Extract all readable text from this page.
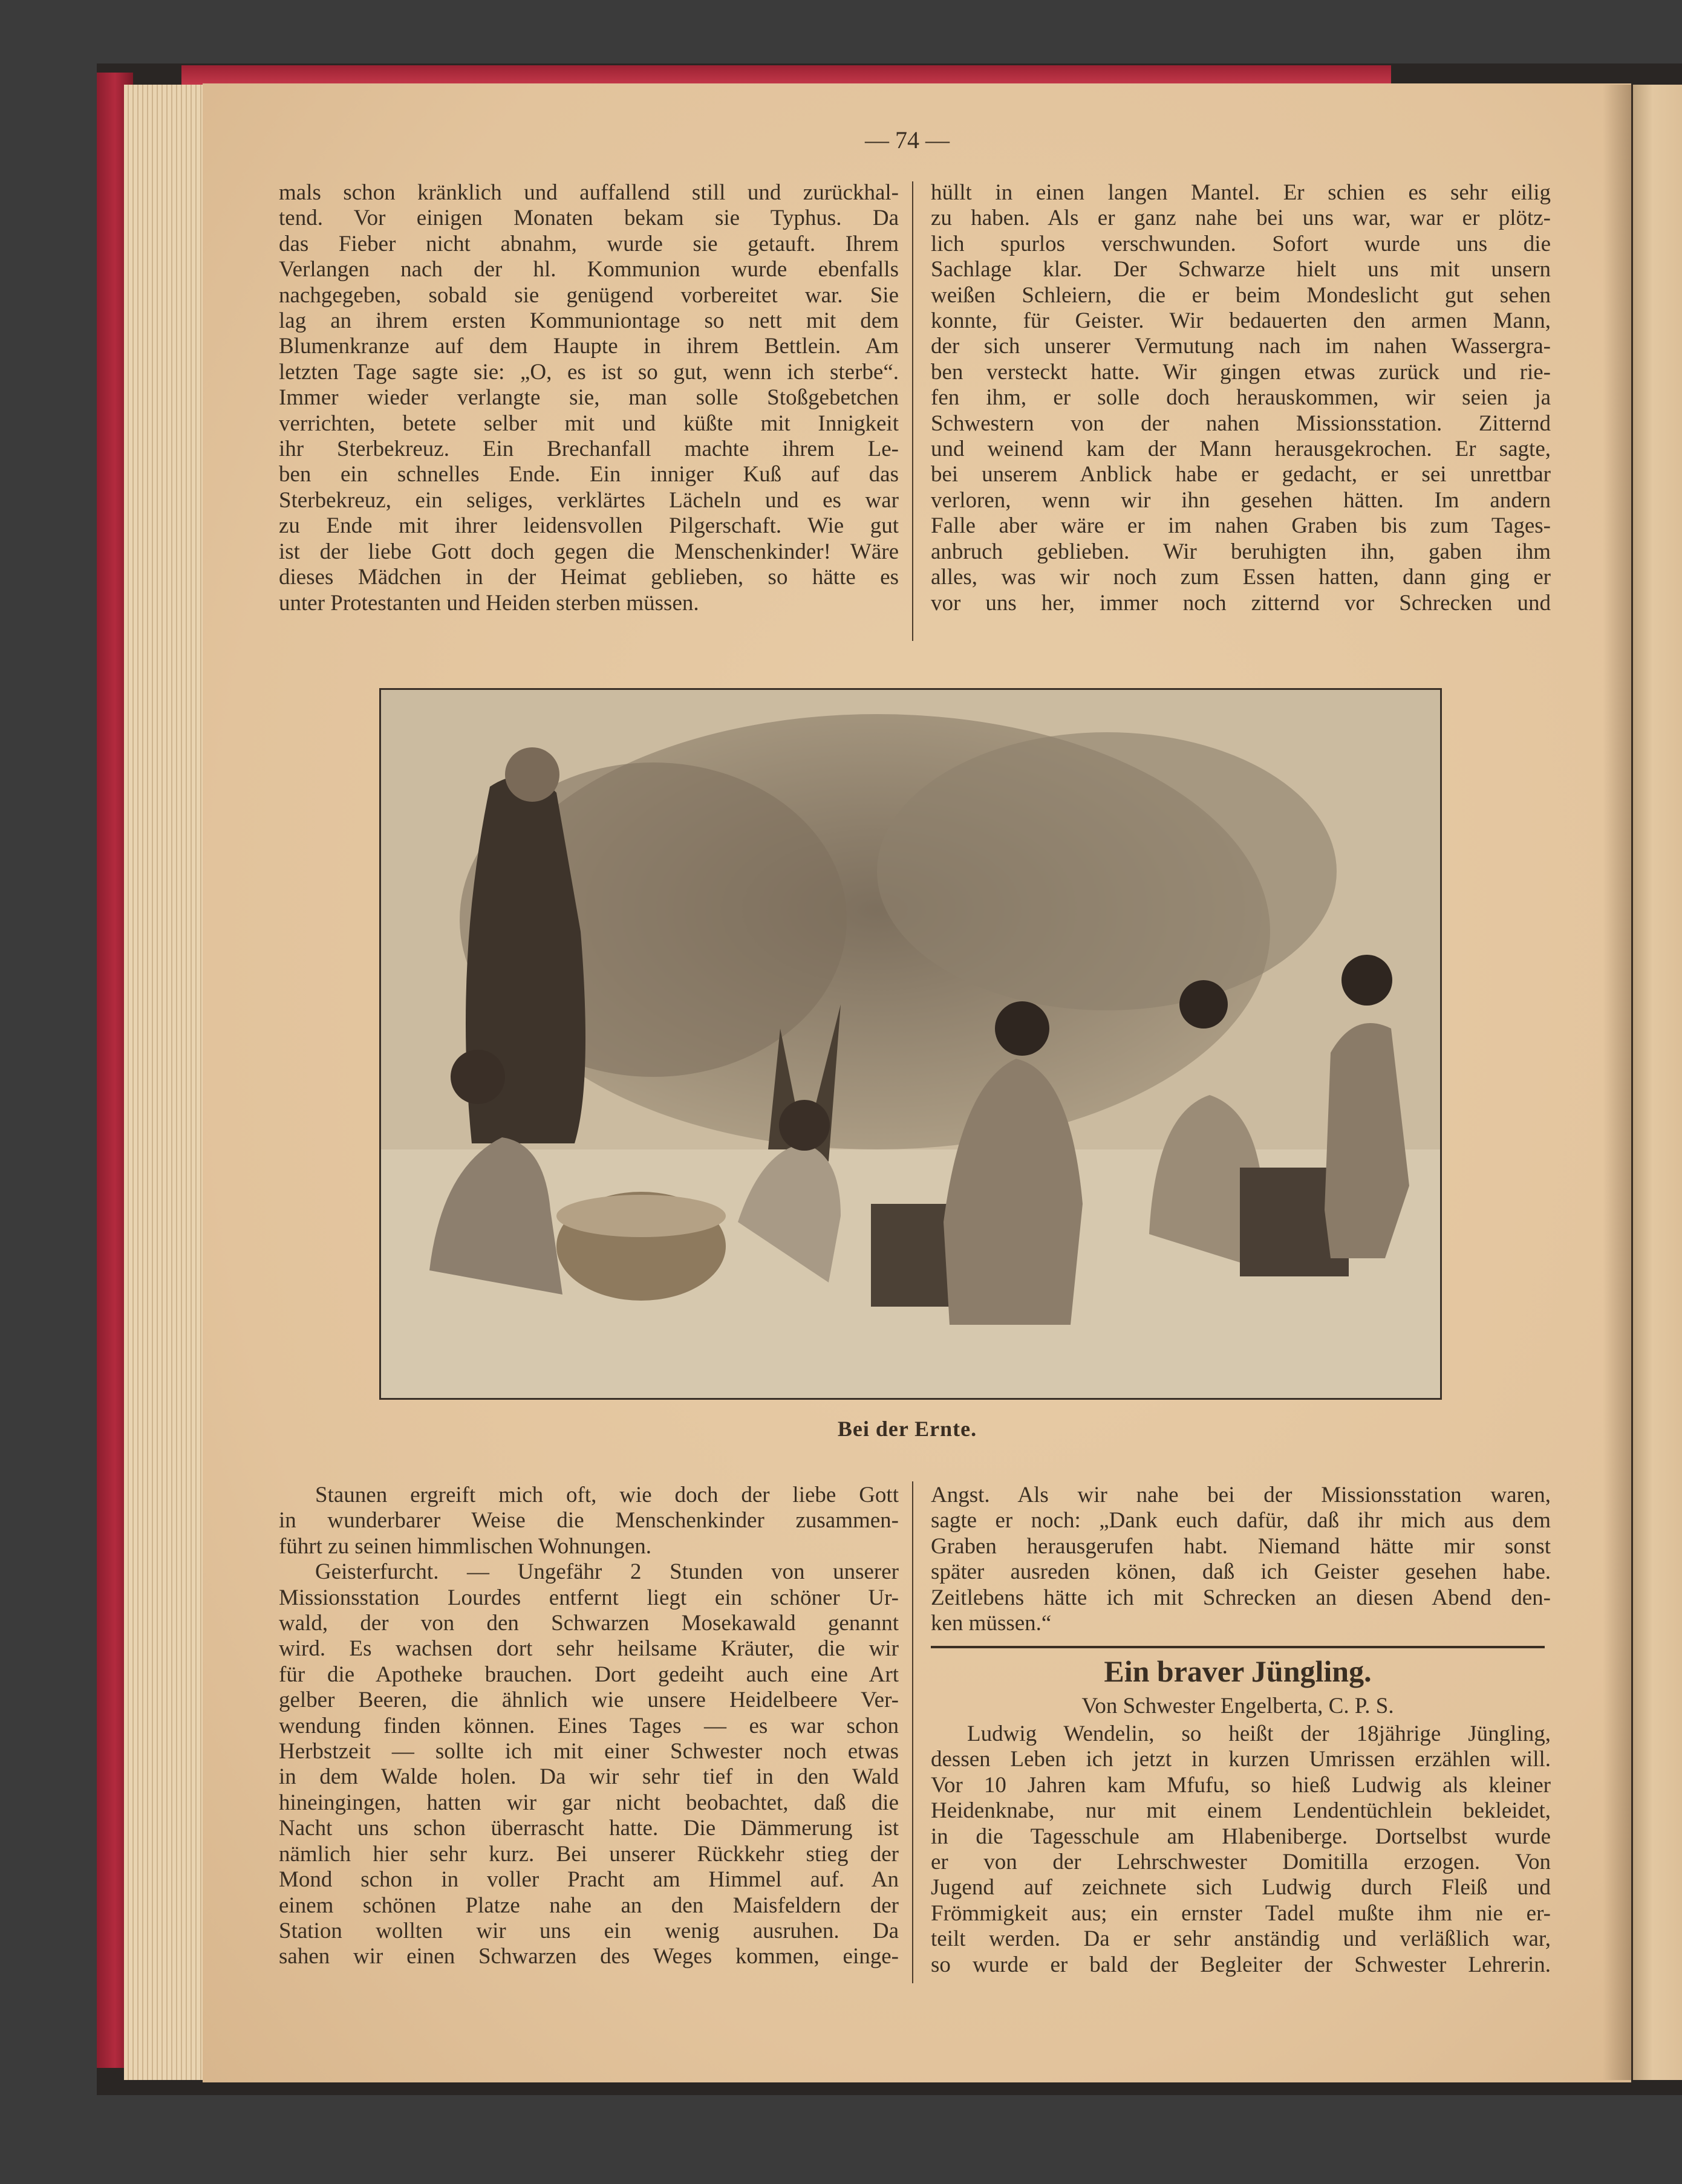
— 74 —
mals schon kränklich und auffallend still und zurückhal-
tend. Vor einigen Monaten bekam sie Typhus. Da
das Fieber nicht abnahm, wurde sie getauft. Ihrem
Verlangen nach der hl. Kommunion wurde ebenfalls
nachgegeben, sobald sie genügend vorbereitet war. Sie
lag an ihrem ersten Kommuniontage so nett mit dem
Blumenkranze auf dem Haupte in ihrem Bettlein. Am
letzten Tage sagte sie: „O, es ist so gut, wenn ich sterbe“.
Immer wieder verlangte sie, man solle Stoßgebetchen
verrichten, betete selber mit und küßte mit Innigkeit
ihr Sterbekreuz. Ein Brechanfall machte ihrem Le-
ben ein schnelles Ende. Ein inniger Kuß auf das
Sterbekreuz, ein seliges, verklärtes Lächeln und es war
zu Ende mit ihrer leidensvollen Pilgerschaft. Wie gut
ist der liebe Gott doch gegen die Menschenkinder! Wäre
dieses Mädchen in der Heimat geblieben, so hätte es
unter Protestanten und Heiden sterben müssen.
hüllt in einen langen Mantel. Er schien es sehr eilig
zu haben. Als er ganz nahe bei uns war, war er plötz-
lich spurlos verschwunden. Sofort wurde uns die
Sachlage klar. Der Schwarze hielt uns mit unsern
weißen Schleiern, die er beim Mondeslicht gut sehen
konnte, für Geister. Wir bedauerten den armen Mann,
der sich unserer Vermutung nach im nahen Wassergra-
ben versteckt hatte. Wir gingen etwas zurück und rie-
fen ihm, er solle doch herauskommen, wir seien ja
Schwestern von der nahen Missionsstation. Zitternd
und weinend kam der Mann herausgekrochen. Er sagte,
bei unserem Anblick habe er gedacht, er sei unrettbar
verloren, wenn wir ihn gesehen hätten. Im andern
Falle aber wäre er im nahen Graben bis zum Tages-
anbruch geblieben. Wir beruhigten ihn, gaben ihm
alles, was wir noch zum Essen hatten, dann ging er
vor uns her, immer noch zitternd vor Schrecken und
Bei der Ernte.
Staunen ergreift mich oft, wie doch der liebe Gott
in wunderbarer Weise die Menschenkinder zusammen-
führt zu seinen himmlischen Wohnungen.
Geisterfurcht. — Ungefähr 2 Stunden von unserer
Missionsstation Lourdes entfernt liegt ein schöner Ur-
wald, der von den Schwarzen Mosekawald genannt
wird. Es wachsen dort sehr heilsame Kräuter, die wir
für die Apotheke brauchen. Dort gedeiht auch eine Art
gelber Beeren, die ähnlich wie unsere Heidelbeere Ver-
wendung finden können. Eines Tages — es war schon
Herbstzeit — sollte ich mit einer Schwester noch etwas
in dem Walde holen. Da wir sehr tief in den Wald
hineingingen, hatten wir gar nicht beobachtet, daß die
Nacht uns schon überrascht hatte. Die Dämmerung ist
nämlich hier sehr kurz. Bei unserer Rückkehr stieg der
Mond schon in voller Pracht am Himmel auf. An
einem schönen Platze nahe an den Maisfeldern der
Station wollten wir uns ein wenig ausruhen. Da
sahen wir einen Schwarzen des Weges kommen, einge-
Angst. Als wir nahe bei der Missionsstation waren,
sagte er noch: „Dank euch dafür, daß ihr mich aus dem
Graben herausgerufen habt. Niemand hätte mir sonst
später ausreden könen, daß ich Geister gesehen habe.
Zeitlebens hätte ich mit Schrecken an diesen Abend den-
ken müssen.“
Ein braver Jüngling.
Von Schwester Engelberta, C. P. S.
Ludwig Wendelin, so heißt der 18jährige Jüngling,
dessen Leben ich jetzt in kurzen Umrissen erzählen will.
Vor 10 Jahren kam Mfufu, so hieß Ludwig als kleiner
Heidenknabe, nur mit einem Lendentüchlein bekleidet,
in die Tagesschule am Hlabeniberge. Dortselbst wurde
er von der Lehrschwester Domitilla erzogen. Von
Jugend auf zeichnete sich Ludwig durch Fleiß und
Frömmigkeit aus; ein ernster Tadel mußte ihm nie er-
teilt werden. Da er sehr anständig und verläßlich war,
so wurde er bald der Begleiter der Schwester Lehrerin.
